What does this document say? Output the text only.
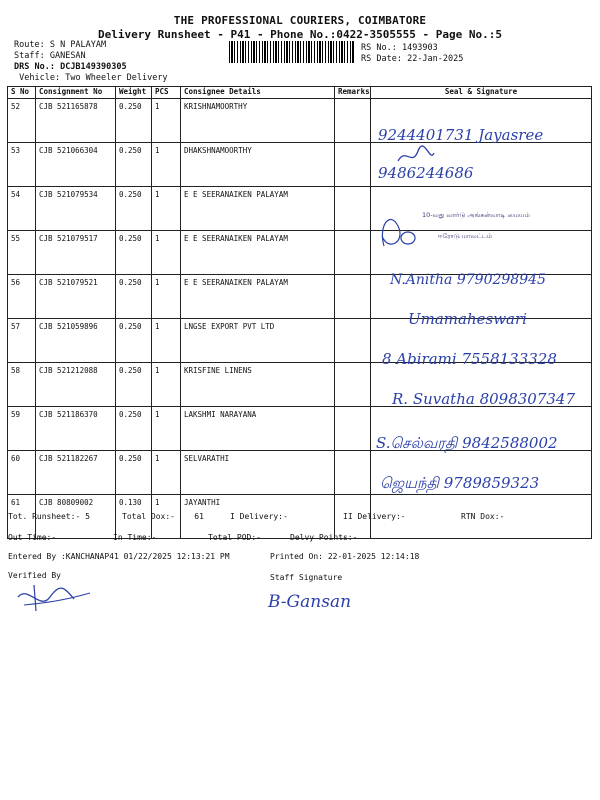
THE PROFESSIONAL COURIERS, COIMBATORE
Delivery Runsheet - P41 - Phone No.:0422-3505555 - Page No.:5
Route: S N PALAYAM
Staff: GANESAN
DRS No.: DCJB149390305
Vehicle: Two Wheeler Delivery
RS No.: 1493903
RS Date: 22-Jan-2025
S No	Consignment No	Weight	PCS	Consignee Details	Remarks	Seal & Signature
52	CJB 521165878	0.250	1	KRISHNAMOORTHY		
53	CJB 521066304	0.250	1	DHAKSHNAMOORTHY		
54	CJB 521079534	0.250	1	E E SEERANAIKEN PALAYAM		
55	CJB 521079517	0.250	1	E E SEERANAIKEN PALAYAM		
56	CJB 521079521	0.250	1	E E SEERANAIKEN PALAYAM		
57	CJB 521059896	0.250	1	LNGSE EXPORT PVT LTD		
58	CJB 521212088	0.250	1	KRISFINE LINENS		
59	CJB 521186370	0.250	1	LAKSHMI NARAYANA		
60	CJB 521182267	0.250	1	SELVARATHI		
61	CJB 80809002	0.130	1	JAYANTHI		
9244401731 Jayasree
9486244686
10-வது வார்டு அங்கன்வாடி மையம்
ஈரோடு மாவட்டம்
N.Anitha 9790298945
Umamaheswari
8 Abirami 7558133328
R. Suvatha 8098307347
S.செல்வரதி 9842588002
ஜெயந்தி 9789859323
Tot. Runsheet:- 5	Total Dox:- 61	I Delivery:-	II Delivery:-	RTN Dox:-
Out Time:-	In Time:-	Total POD:-	Delvy Points:-
Entered By :KANCHANAP41 01/22/2025 12:13:21 PM	Printed On: 22-01-2025 12:14:18
Verified By	Staff Signature
B-Gansan
